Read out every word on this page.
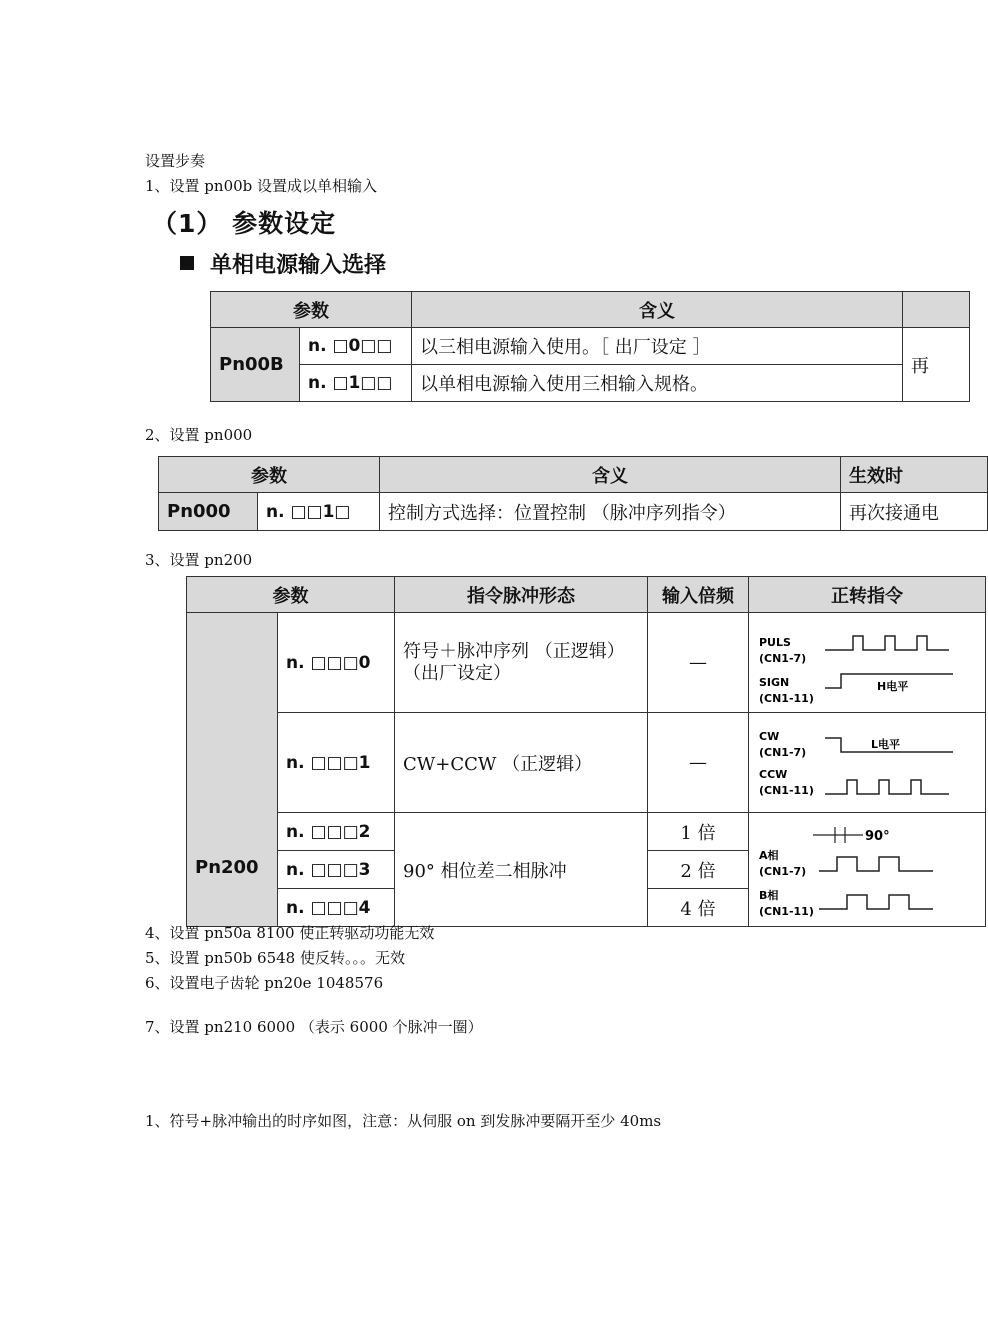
设置步奏
1、设置 pn00b 设置成以单相输入
（1） 参数设定
单相电源输入选择
参数		含义	
Pn00B	n. □0□□	以三相电源输入使用。［ 出厂设定 ］	再
	n. □1□□	以单相电源输入使用三相输入规格。	
2、设置 pn000
参数		含义	生效时
Pn000	n. □□1□	控制方式选择：位置控制 （脉冲序列指令）	再次接通电
3、设置 pn200
参数		指令脉冲形态	输入倍频	正转指令
Pn200	n. □□□0	符号＋脉冲序列 （正逻辑）
（出厂设定）	—	PULS
(CN1-7)
SIGN
(CN1-11)
H电平

	n. □□□1	CW+CCW （正逻辑）	—	CW
(CN1-7)
L电平
CCW
(CN1-11)

	n. □□□2	90° 相位差二相脉冲	1 倍	90°
A相
(CN1-7)
B相
(CN1-11)

	n. □□□3		2 倍	
	n. □□□4		4 倍	
4、设置 pn50a 8100 使正转驱动功能无效
5、设置 pn50b 6548 使反转。。。无效
6、设置电子齿轮 pn20e 1048576
7、设置 pn210 6000 （表示 6000 个脉冲一圈）
1、符号+脉冲输出的时序如图，注意：从伺服 on 到发脉冲要隔开至少 40ms
